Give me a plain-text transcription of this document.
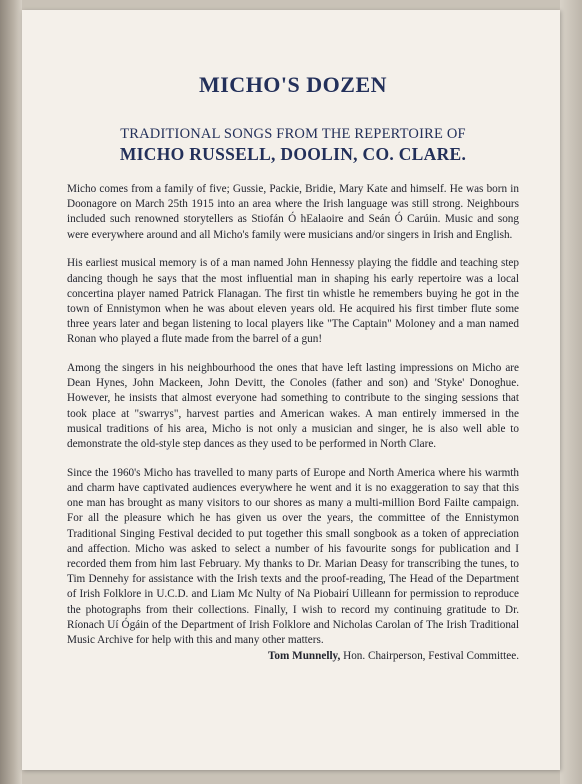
MICHO'S DOZEN

TRADITIONAL SONGS FROM THE REPERTOIRE OF

MICHO RUSSELL, DOOLIN, CO. CLARE.

Micho comes from a family of five; Gussie, Packie, Bridie, Mary Kate and himself. He was born in Doonagore on March 25th 1915 into an area where the Irish language was still strong. Neighbours included such renowned storytellers as Stiofán Ó hEalaoire and Seán Ó Carúin. Music and song were everywhere around and all Micho's family were musicians and/or singers in Irish and English.

His earliest musical memory is of a man named John Hennessy playing the fiddle and teaching step dancing though he says that the most influential man in shaping his early repertoire was a local concertina player named Patrick Flanagan. The first tin whistle he remembers buying he got in the town of Ennistymon when he was about eleven years old. He acquired his first timber flute some three years later and began listening to local players like "The Captain" Moloney and a man named Ronan who played a flute made from the barrel of a gun!

Among the singers in his neighbourhood the ones that have left lasting impressions on Micho are Dean Hynes, John Mackeen, John Devitt, the Conoles (father and son) and 'Styke' Donoghue. However, he insists that almost everyone had something to contribute to the singing sessions that took place at "swarrys", harvest parties and American wakes. A man entirely immersed in the musical traditions of his area, Micho is not only a musician and singer, he is also well able to demonstrate the old-style step dances as they used to be performed in North Clare.

Since the 1960's Micho has travelled to many parts of Europe and North America where his warmth and charm have captivated audiences everywhere he went and it is no exaggeration to say that this one man has brought as many visitors to our shores as many a multi-million Bord Failte campaign. For all the pleasure which he has given us over the years, the committee of the Ennistymon Traditional Singing Festival decided to put together this small songbook as a token of appreciation and affection. Micho was asked to select a number of his favourite songs for publication and I recorded them from him last February. My thanks to Dr. Marian Deasy for transcribing the tunes, to Tim Dennehy for assistance with the Irish texts and the proof-reading, The Head of the Department of Irish Folklore in U.C.D. and Liam Mc Nulty of Na Piobairí Uilleann for permission to reproduce the photographs from their collections. Finally, I wish to record my continuing gratitude to Dr. Ríonach Uí Ógáin of the Department of Irish Folklore and Nicholas Carolan of The Irish Traditional Music Archive for help with this and many other matters.

Tom Munnelly, Hon. Chairperson, Festival Committee.
